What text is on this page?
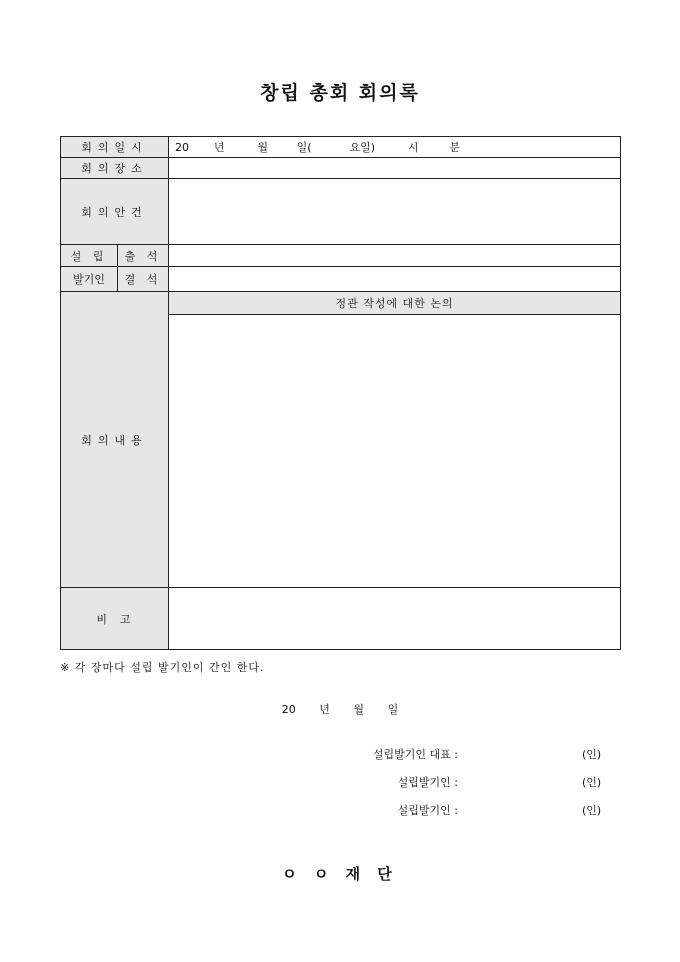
창립 총회 회의록
회의일시		20 년 월 일( 요일) 시 분
회의장소		
회의안건		
설 립	출 석	
발기인	결 석	
회의내용		정관 작성에 대한 논의

비  고		
※ 각 장마다 설립 발기인이 간인 한다.
20 년 월 일
설립발기인 대표 :	(인)
설립발기인 :	(인)
설립발기인 :	(인)
ㅇ ㅇ 재 단
